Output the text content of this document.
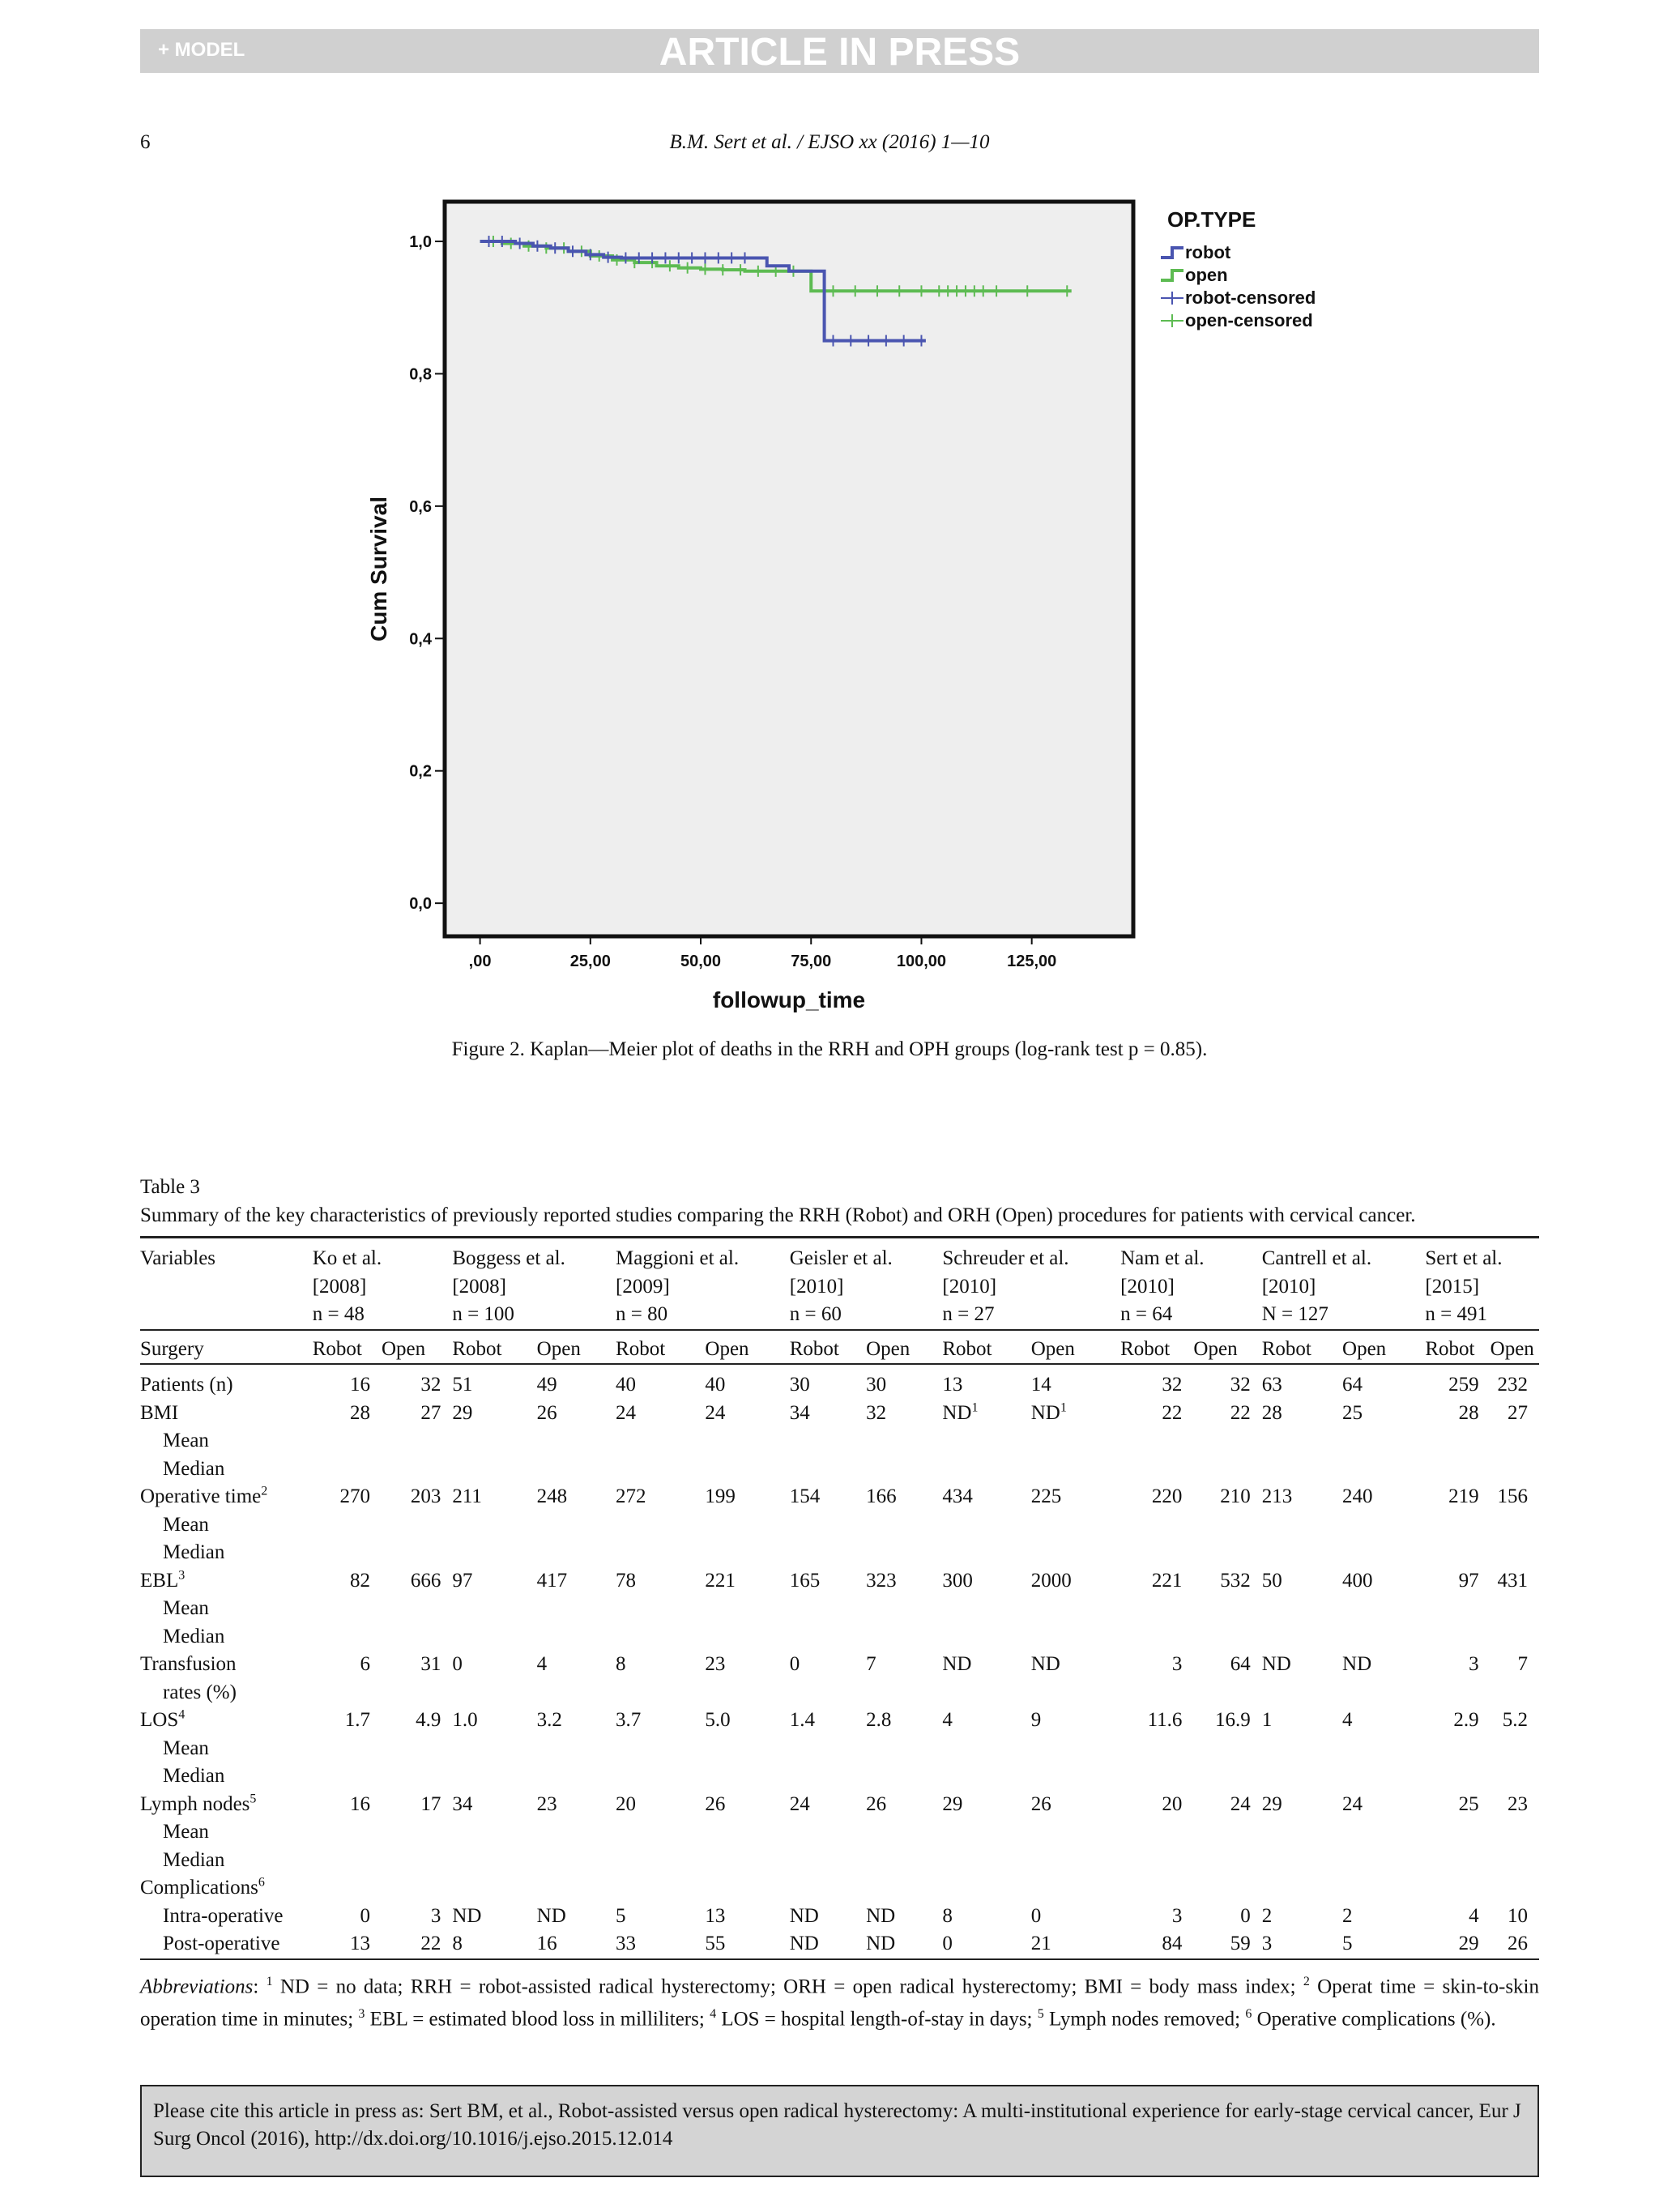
+ MODEL	ARTICLE IN PRESS
6	B.M. Sert et al. / EJSO xx (2016) 1—10
0,0
0,2
0,4
0,6
0,8
1,0
,00	25,00	50,00	75,00	100,00	125,00
followup_time
Cum Survival
OP.TYPE
robot
open
robot-censored
open-censored
Figure 2. Kaplan—Meier plot of deaths in the RRH and OPH groups (log-rank test p = 0.85).
Table 3
Summary of the key characteristics of previously reported studies comparing the RRH (Robot) and ORH (Open) procedures for patients with cervical cancer.
Variables	Ko et al.		Boggess et al.		Maggioni et al.		Geisler et al.		Schreuder et al.		Nam et al.		Cantrell et al.		Sert et al.	
	[2008]		[2008]		[2009]		[2010]		[2010]		[2010]		[2010]		[2015]	
	n = 48		n = 100		n = 80		n = 60		n = 27		n = 64		N = 127		n = 491	
Surgery	Robot	Open	Robot	Open	Robot	Open	Robot	Open	Robot	Open	Robot	Open	Robot	Open	Robot	Open
Patients (n)	16	32	51	49	40	40	30	30	13	14	32	32	63	64	259	232
BMI	28	27	29	26	24	24	34	32	$ND^1$	$ND^1$	22	22	28	25	28	27
Mean																
Median																
Operative time$^2$	270	203	211	248	272	199	154	166	434	225	220	210	213	240	219	156
Mean																
Median																
EBL$^3$	82	666	97	417	78	221	165	323	300	2000	221	532	50	400	97	431
Mean																
Median																
Transfusion	6	31	0	4	8	23	0	7	ND	ND	3	64	ND	ND	3	7
rates (%)																
LOS$^4$	1.7	4.9	1.0	3.2	3.7	5.0	1.4	2.8	4	9	11.6	16.9	1	4	2.9	5.2
Mean																
Median																
Lymph nodes$^5$	16	17	34	23	20	26	24	26	29	26	20	24	29	24	25	23
Mean																
Median																
Complications$^6$																
Intra-operative	0	3	ND	ND	5	13	ND	ND	8	0	3	0	2	2	4	10
Post-operative	13	22	8	16	33	55	ND	ND	0	21	84	59	3	5	29	26
Abbreviations: $^1$ ND = no data; RRH = robot-assisted radical hysterectomy; ORH = open radical hysterectomy; BMI = body mass index; $^2$ Operat time = skin-to-skin operation time in minutes; $^3$ EBL = estimated blood loss in milliliters; $^4$ LOS = hospital length-of-stay in days; $^5$ Lymph nodes removed; $^6$ Operative complications (%).
Please cite this article in press as: Sert BM, et al., Robot-assisted versus open radical hysterectomy: A multi-institutional experience for early-stage cervical cancer, Eur J Surg Oncol (2016), http://dx.doi.org/10.1016/j.ejso.2015.12.014
